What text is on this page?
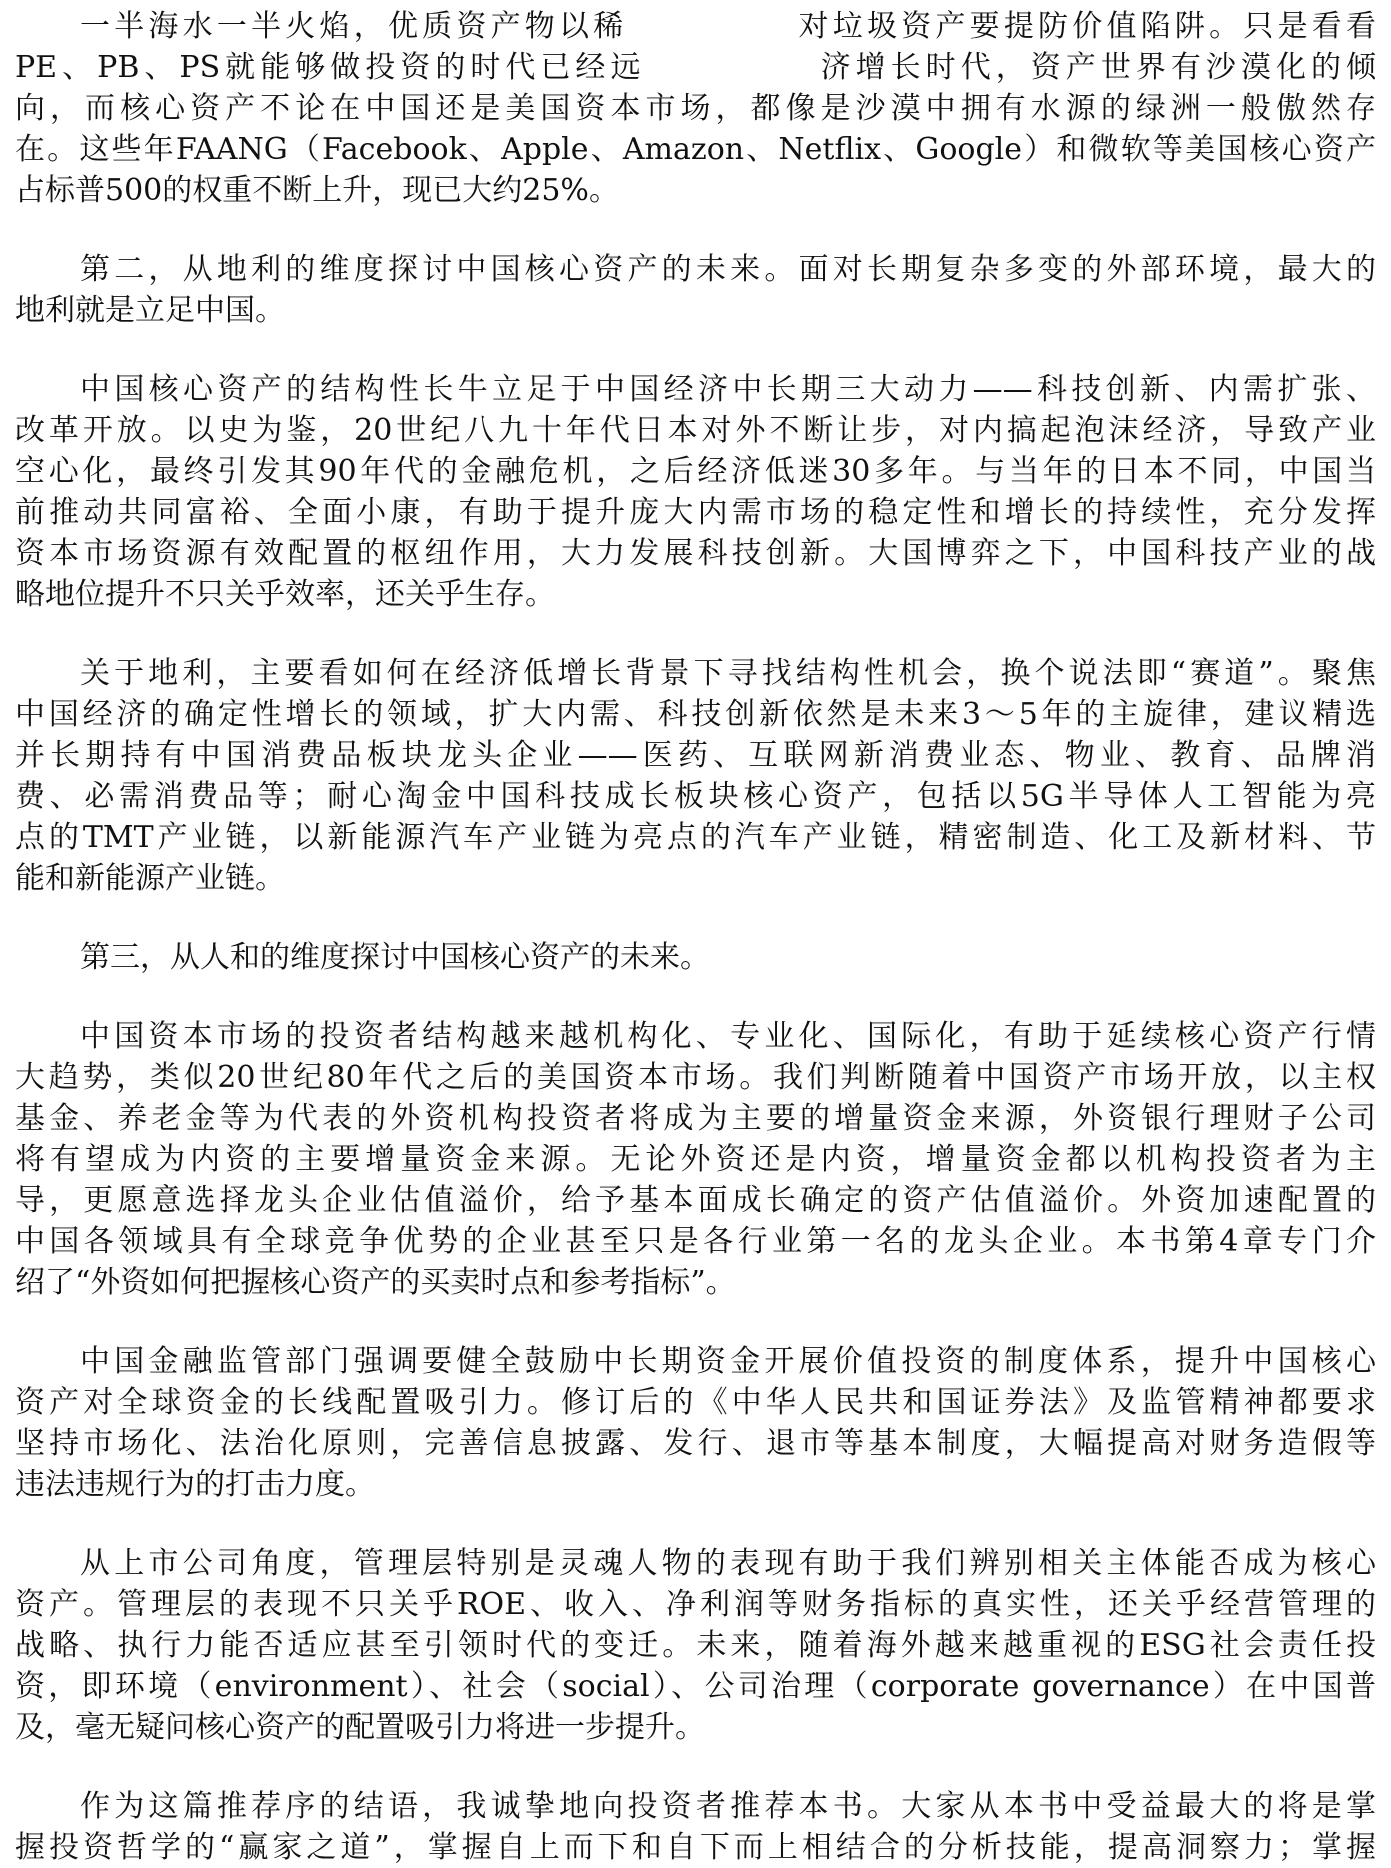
一半海水一半火焰，优质资产物以稀　　　　　对垃圾资产要提防价值陷阱。只是看看
PE、PB、PS就能够做投资的时代已经远　　　　　济增长时代，资产世界有沙漠化的倾
向，而核心资产不论在中国还是美国资本市场，都像是沙漠中拥有水源的绿洲一般傲然存
在。这些年FAANG（Facebook、Apple、Amazon、Netflix、Google）和微软等美国核心资产
占标普500的权重不断上升，现已大约25%。

第二，从地利的维度探讨中国核心资产的未来。面对长期复杂多变的外部环境，最大的
地利就是立足中国。

中国核心资产的结构性长牛立足于中国经济中长期三大动力——科技创新、内需扩张、
改革开放。以史为鉴，20世纪八九十年代日本对外不断让步，对内搞起泡沫经济，导致产业
空心化，最终引发其90年代的金融危机，之后经济低迷30多年。与当年的日本不同，中国当
前推动共同富裕、全面小康，有助于提升庞大内需市场的稳定性和增长的持续性，充分发挥
资本市场资源有效配置的枢纽作用，大力发展科技创新。大国博弈之下，中国科技产业的战
略地位提升不只关乎效率，还关乎生存。

关于地利，主要看如何在经济低增长背景下寻找结构性机会，换个说法即“赛道”。聚焦
中国经济的确定性增长的领域，扩大内需、科技创新依然是未来3～5年的主旋律，建议精选
并长期持有中国消费品板块龙头企业——医药、互联网新消费业态、物业、教育、品牌消
费、必需消费品等；耐心淘金中国科技成长板块核心资产，包括以5G半导体人工智能为亮
点的TMT产业链，以新能源汽车产业链为亮点的汽车产业链，精密制造、化工及新材料、节
能和新能源产业链。

第三，从人和的维度探讨中国核心资产的未来。

中国资本市场的投资者结构越来越机构化、专业化、国际化，有助于延续核心资产行情
大趋势，类似20世纪80年代之后的美国资本市场。我们判断随着中国资产市场开放，以主权
基金、养老金等为代表的外资机构投资者将成为主要的增量资金来源，外资银行理财子公司
将有望成为内资的主要增量资金来源。无论外资还是内资，增量资金都以机构投资者为主
导，更愿意选择龙头企业估值溢价，给予基本面成长确定的资产估值溢价。外资加速配置的
中国各领域具有全球竞争优势的企业甚至只是各行业第一名的龙头企业。本书第4章专门介
绍了“外资如何把握核心资产的买卖时点和参考指标”。

中国金融监管部门强调要健全鼓励中长期资金开展价值投资的制度体系，提升中国核心
资产对全球资金的长线配置吸引力。修订后的《中华人民共和国证券法》及监管精神都要求
坚持市场化、法治化原则，完善信息披露、发行、退市等基本制度，大幅提高对财务造假等
违法违规行为的打击力度。

从上市公司角度，管理层特别是灵魂人物的表现有助于我们辨别相关主体能否成为核心
资产。管理层的表现不只关乎ROE、收入、净利润等财务指标的真实性，还关乎经营管理的
战略、执行力能否适应甚至引领时代的变迁。未来，随着海外越来越重视的ESG社会责任投
资，即环境（environment）、社会（social）、公司治理（corporate governance）在中国普
及，毫无疑问核心资产的配置吸引力将进一步提升。

作为这篇推荐序的结语，我诚挚地向投资者推荐本书。大家从本书中受益最大的将是掌
握投资哲学的“赢家之道”，掌握自上而下和自下而上相结合的分析技能，提高洞察力；掌握
